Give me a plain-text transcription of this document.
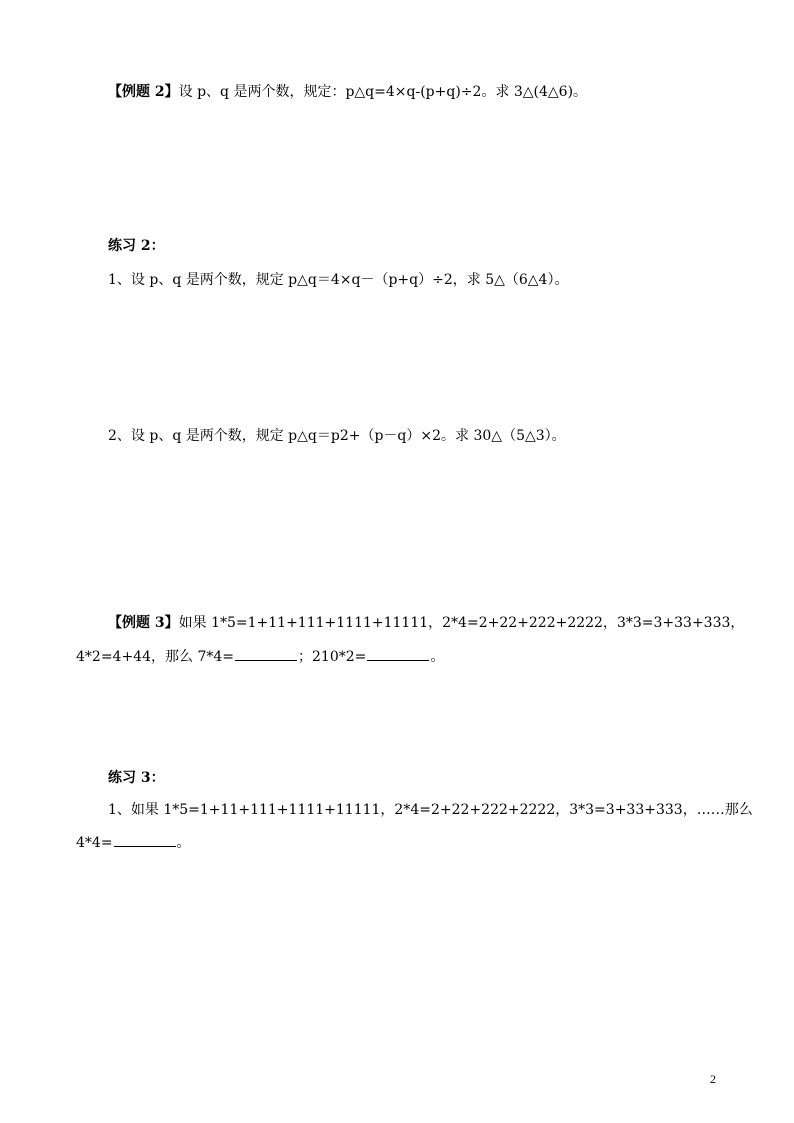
【例题 2】设 p、q 是两个数，规定：p△q=4×q-(p+q)÷2。求 3△(4△6)。
练习 2：
1、设 p、q 是两个数，规定 p△q＝4×q－（p+q）÷2，求 5△（6△4）。
2、设 p、q 是两个数，规定 p△q＝p2+（p－q）×2。求 30△（5△3）。
【例题 3】如果 1*5=1+11+111+1111+11111，2*4=2+22+222+2222，3*3=3+33+333，
4*2=4+44，那么 7*4=	；210*2=	。
练习 3：
1、如果 1*5=1+11+111+1111+11111，2*4=2+22+222+2222，3*3=3+33+333，……那么
4*4=	。
2
